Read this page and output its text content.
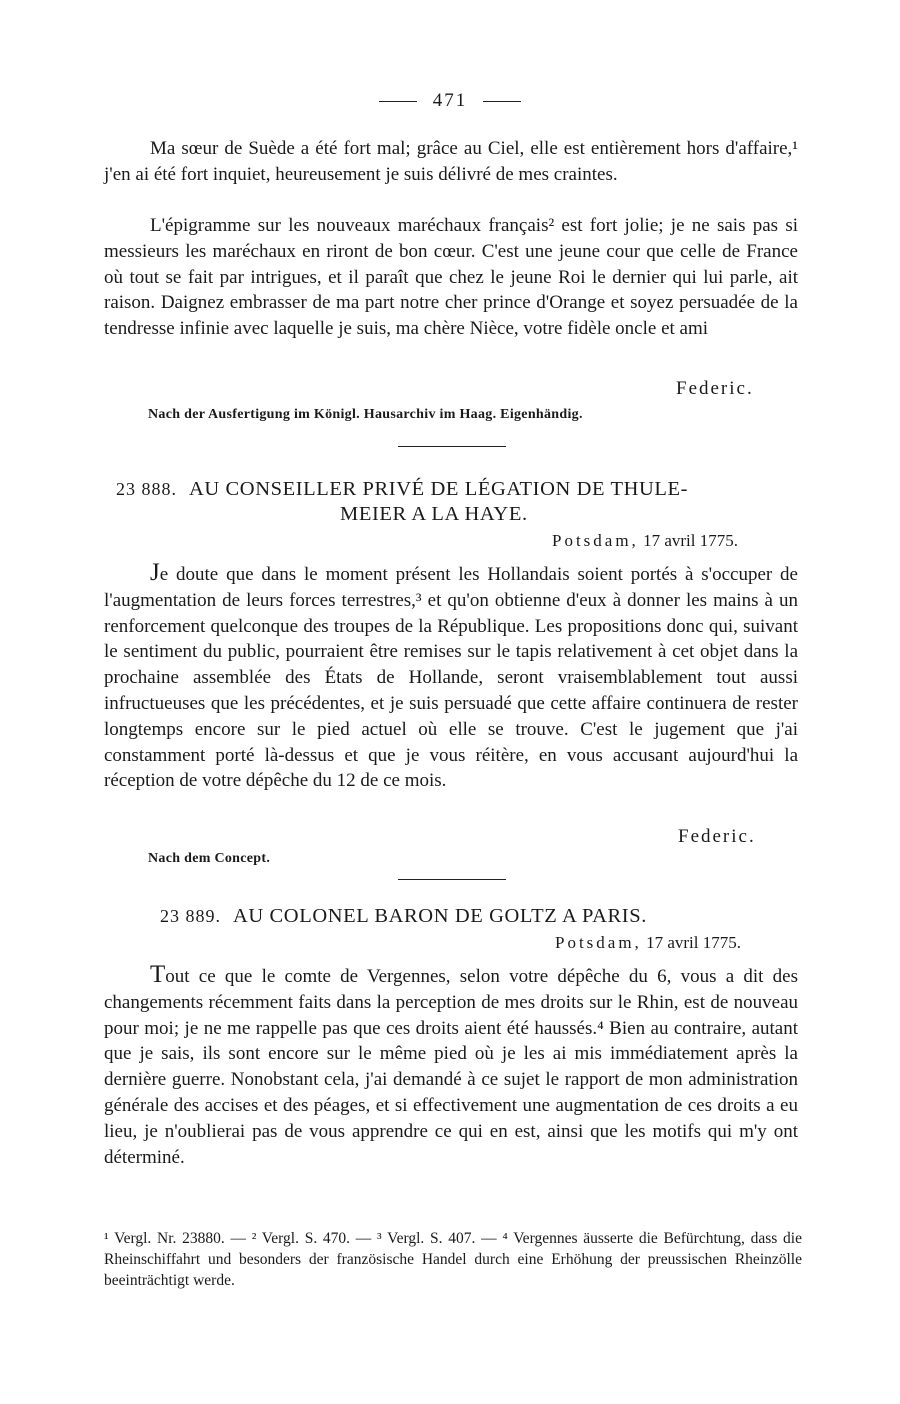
471

Ma sœur de Suède a été fort mal; grâce au Ciel, elle est entièrement hors d'affaire,¹ j'en ai été fort inquiet, heureusement je suis délivré de mes craintes.

L'épigramme sur les nouveaux maréchaux français² est fort jolie; je ne sais pas si messieurs les maréchaux en riront de bon cœur. C'est une jeune cour que celle de France où tout se fait par intrigues, et il paraît que chez le jeune Roi le dernier qui lui parle, ait raison. Daignez embrasser de ma part notre cher prince d'Orange et soyez persuadée de la tendresse infinie avec laquelle je suis, ma chère Nièce, votre fidèle oncle et ami

Federic.
Nach der Ausfertigung im Königl. Hausarchiv im Haag. Eigenhändig.
23 888. AU CONSEILLER PRIVÉ DE LÉGATION DE THULE-
MEIER A LA HAYE.
Potsdam, 17 avril 1775.

Je doute que dans le moment présent les Hollandais soient portés à s'occuper de l'augmentation de leurs forces terrestres,³ et qu'on obtienne d'eux à donner les mains à un renforcement quelconque des troupes de la République. Les propositions donc qui, suivant le sentiment du public, pourraient être remises sur le tapis relativement à cet objet dans la prochaine assemblée des États de Hollande, seront vraisemblablement tout aussi infructueuses que les précédentes, et je suis persuadé que cette affaire continuera de rester longtemps encore sur le pied actuel où elle se trouve. C'est le jugement que j'ai constamment porté là-dessus et que je vous réitère, en vous accusant aujourd'hui la réception de votre dépêche du 12 de ce mois.

Federic.
Nach dem Concept.
23 889. AU COLONEL BARON DE GOLTZ A PARIS.
Potsdam, 17 avril 1775.

Tout ce que le comte de Vergennes, selon votre dépêche du 6, vous a dit des changements récemment faits dans la perception de mes droits sur le Rhin, est de nouveau pour moi; je ne me rappelle pas que ces droits aient été haussés.⁴ Bien au contraire, autant que je sais, ils sont encore sur le même pied où je les ai mis immédiatement après la dernière guerre. Nonobstant cela, j'ai demandé à ce sujet le rapport de mon administration générale des accises et des péages, et si effectivement une augmentation de ces droits a eu lieu, je n'oublierai pas de vous apprendre ce qui en est, ainsi que les motifs qui m'y ont déterminé.

¹ Vergl. Nr. 23880. — ² Vergl. S. 470. — ³ Vergl. S. 407. — ⁴ Vergennes äusserte die Befürchtung, dass die Rheinschiffahrt und besonders der französische Handel durch eine Erhöhung der preussischen Rheinzölle beeinträchtigt werde.
